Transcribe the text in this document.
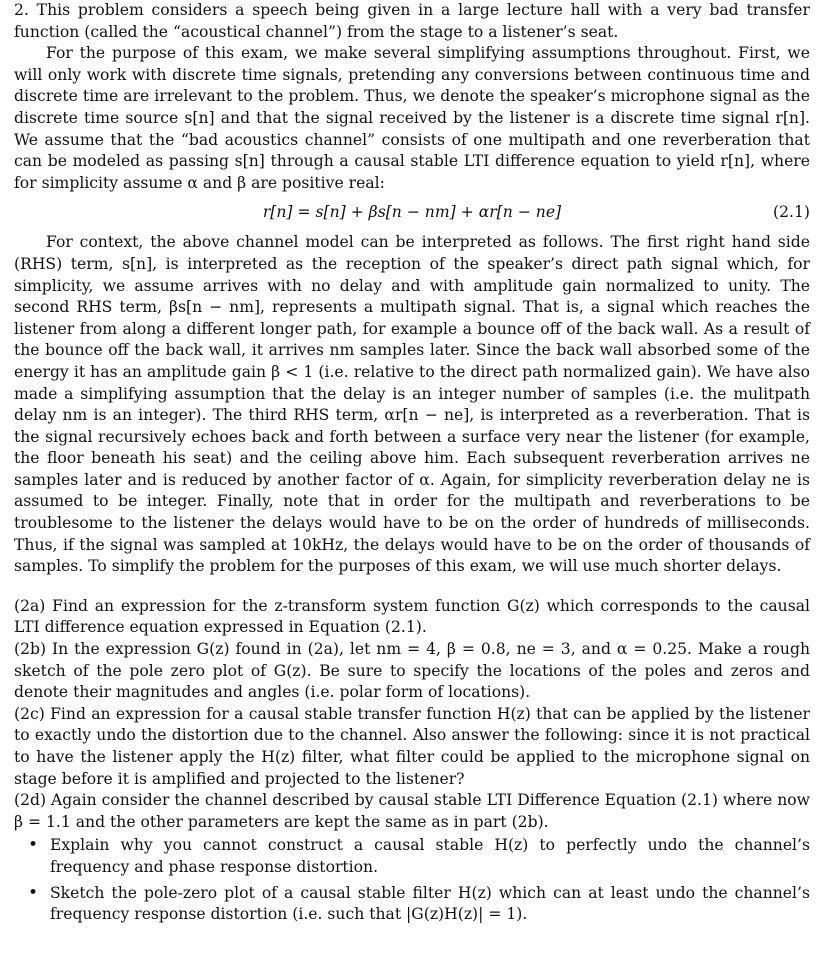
2. This problem considers a speech being given in a large lecture hall with a very bad transfer function (called the “acoustical channel”) from the stage to a listener’s seat.

For the purpose of this exam, we make several simplifying assumptions throughout. First, we will only work with discrete time signals, pretending any conversions between continuous time and discrete time are irrelevant to the problem. Thus, we denote the speaker’s microphone signal as the discrete time source s[n] and that the signal received by the listener is a discrete time signal r[n]. We assume that the “bad acoustics channel” consists of one multipath and one reverberation that can be modeled as passing s[n] through a causal stable LTI difference equation to yield r[n], where for simplicity assume α and β are positive real:

r[n] = s[n] + βs[n − nm] + αr[n − ne]	(2.1)

For context, the above channel model can be interpreted as follows. The first right hand side (RHS) term, s[n], is interpreted as the reception of the speaker’s direct path signal which, for simplicity, we assume arrives with no delay and with amplitude gain normalized to unity. The second RHS term, βs[n − nm], represents a multipath signal. That is, a signal which reaches the listener from along a different longer path, for example a bounce off of the back wall. As a result of the bounce off the back wall, it arrives nm samples later. Since the back wall absorbed some of the energy it has an amplitude gain β < 1 (i.e. relative to the direct path normalized gain). We have also made a simplifying assumption that the delay is an integer number of samples (i.e. the mulitpath delay nm is an integer). The third RHS term, αr[n − ne], is interpreted as a reverberation. That is the signal recursively echoes back and forth between a surface very near the listener (for example, the floor beneath his seat) and the ceiling above him. Each subsequent reverberation arrives ne samples later and is reduced by another factor of α. Again, for simplicity reverberation delay ne is assumed to be integer. Finally, note that in order for the multipath and reverberations to be troublesome to the listener the delays would have to be on the order of hundreds of milliseconds. Thus, if the signal was sampled at 10kHz, the delays would have to be on the order of thousands of samples. To simplify the problem for the purposes of this exam, we will use much shorter delays.

(2a) Find an expression for the z-transform system function G(z) which corresponds to the causal LTI difference equation expressed in Equation (2.1).

(2b) In the expression G(z) found in (2a), let nm = 4, β = 0.8, ne = 3, and α = 0.25. Make a rough sketch of the pole zero plot of G(z). Be sure to specify the locations of the poles and zeros and denote their magnitudes and angles (i.e. polar form of locations).

(2c) Find an expression for a causal stable transfer function H(z) that can be applied by the listener to exactly undo the distortion due to the channel. Also answer the following: since it is not practical to have the listener apply the H(z) filter, what filter could be applied to the microphone signal on stage before it is amplified and projected to the listener?

(2d) Again consider the channel described by causal stable LTI Difference Equation (2.1) where now β = 1.1 and the other parameters are kept the same as in part (2b).

• Explain why you cannot construct a causal stable H(z) to perfectly undo the channel’s frequency and phase response distortion.
• Sketch the pole-zero plot of a causal stable filter H(z) which can at least undo the channel’s frequency response distortion (i.e. such that |G(z)H(z)| = 1).
